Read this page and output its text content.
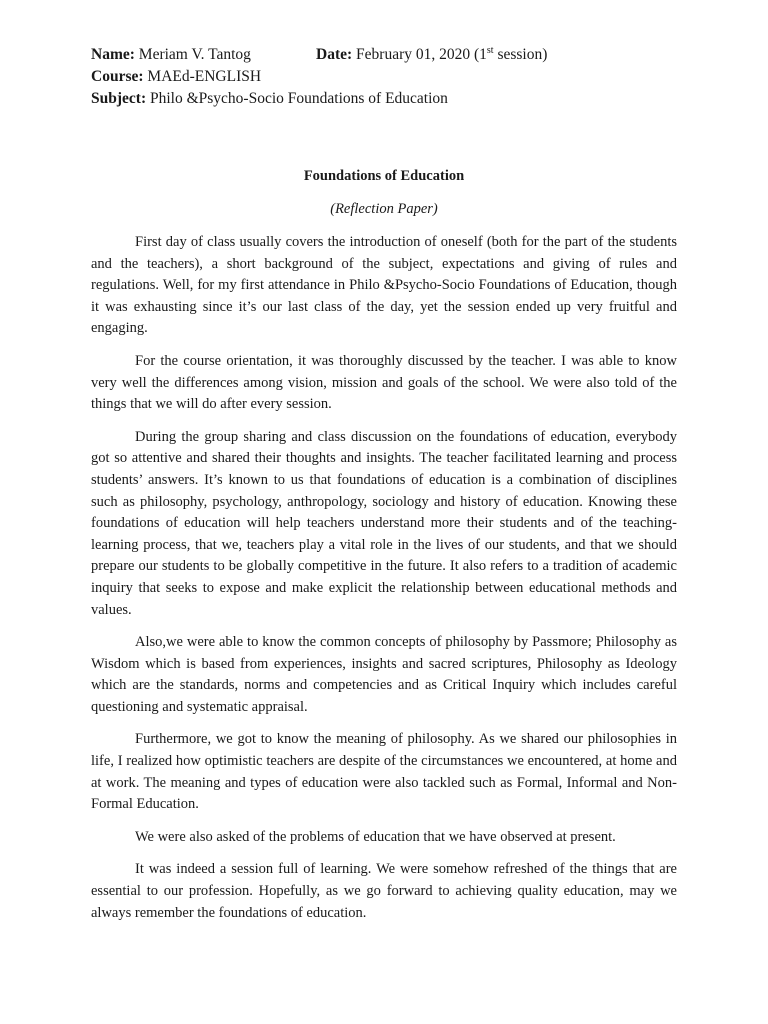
Name: Meriam V. Tantog	Date: February 01, 2020 (1st session)
Course: MAEd-ENGLISH
Subject: Philo &Psycho-Socio Foundations of Education
Foundations of Education
(Reflection Paper)

First day of class usually covers the introduction of oneself (both for the part of the students and the teachers), a short background of the subject, expectations and giving of rules and regulations. Well, for my first attendance in Philo &Psycho-Socio Foundations of Education, though it was exhausting since it’s our last class of the day, yet the session ended up very fruitful and engaging.

For the course orientation, it was thoroughly discussed by the teacher. I was able to know very well the differences among vision, mission and goals of the school. We were also told of the things that we will do after every session.

During the group sharing and class discussion on the foundations of education, everybody got so attentive and shared their thoughts and insights. The teacher facilitated learning and process students’ answers. It’s known to us that foundations of education is a combination of disciplines such as philosophy, psychology, anthropology, sociology and history of education. Knowing these foundations of education will help teachers understand more their students and of the teaching-learning process, that we, teachers play a vital role in the lives of our students, and that we should prepare our students to be globally competitive in the future. It also refers to a tradition of academic inquiry that seeks to expose and make explicit the relationship between educational methods and values.

Also,we were able to know the common concepts of philosophy by Passmore; Philosophy as Wisdom which is based from experiences, insights and sacred scriptures, Philosophy as Ideology which are the standards, norms and competencies and as Critical Inquiry which includes careful questioning and systematic appraisal.

Furthermore, we got to know the meaning of philosophy. As we shared our philosophies in life, I realized how optimistic teachers are despite of the circumstances we encountered, at home and at work. The meaning and types of education were also tackled such as Formal, Informal and Non-Formal Education.

We were also asked of the problems of education that we have observed at present.

It was indeed a session full of learning. We were somehow refreshed of the things that are essential to our profession. Hopefully, as we go forward to achieving quality education, may we always remember the foundations of education.
